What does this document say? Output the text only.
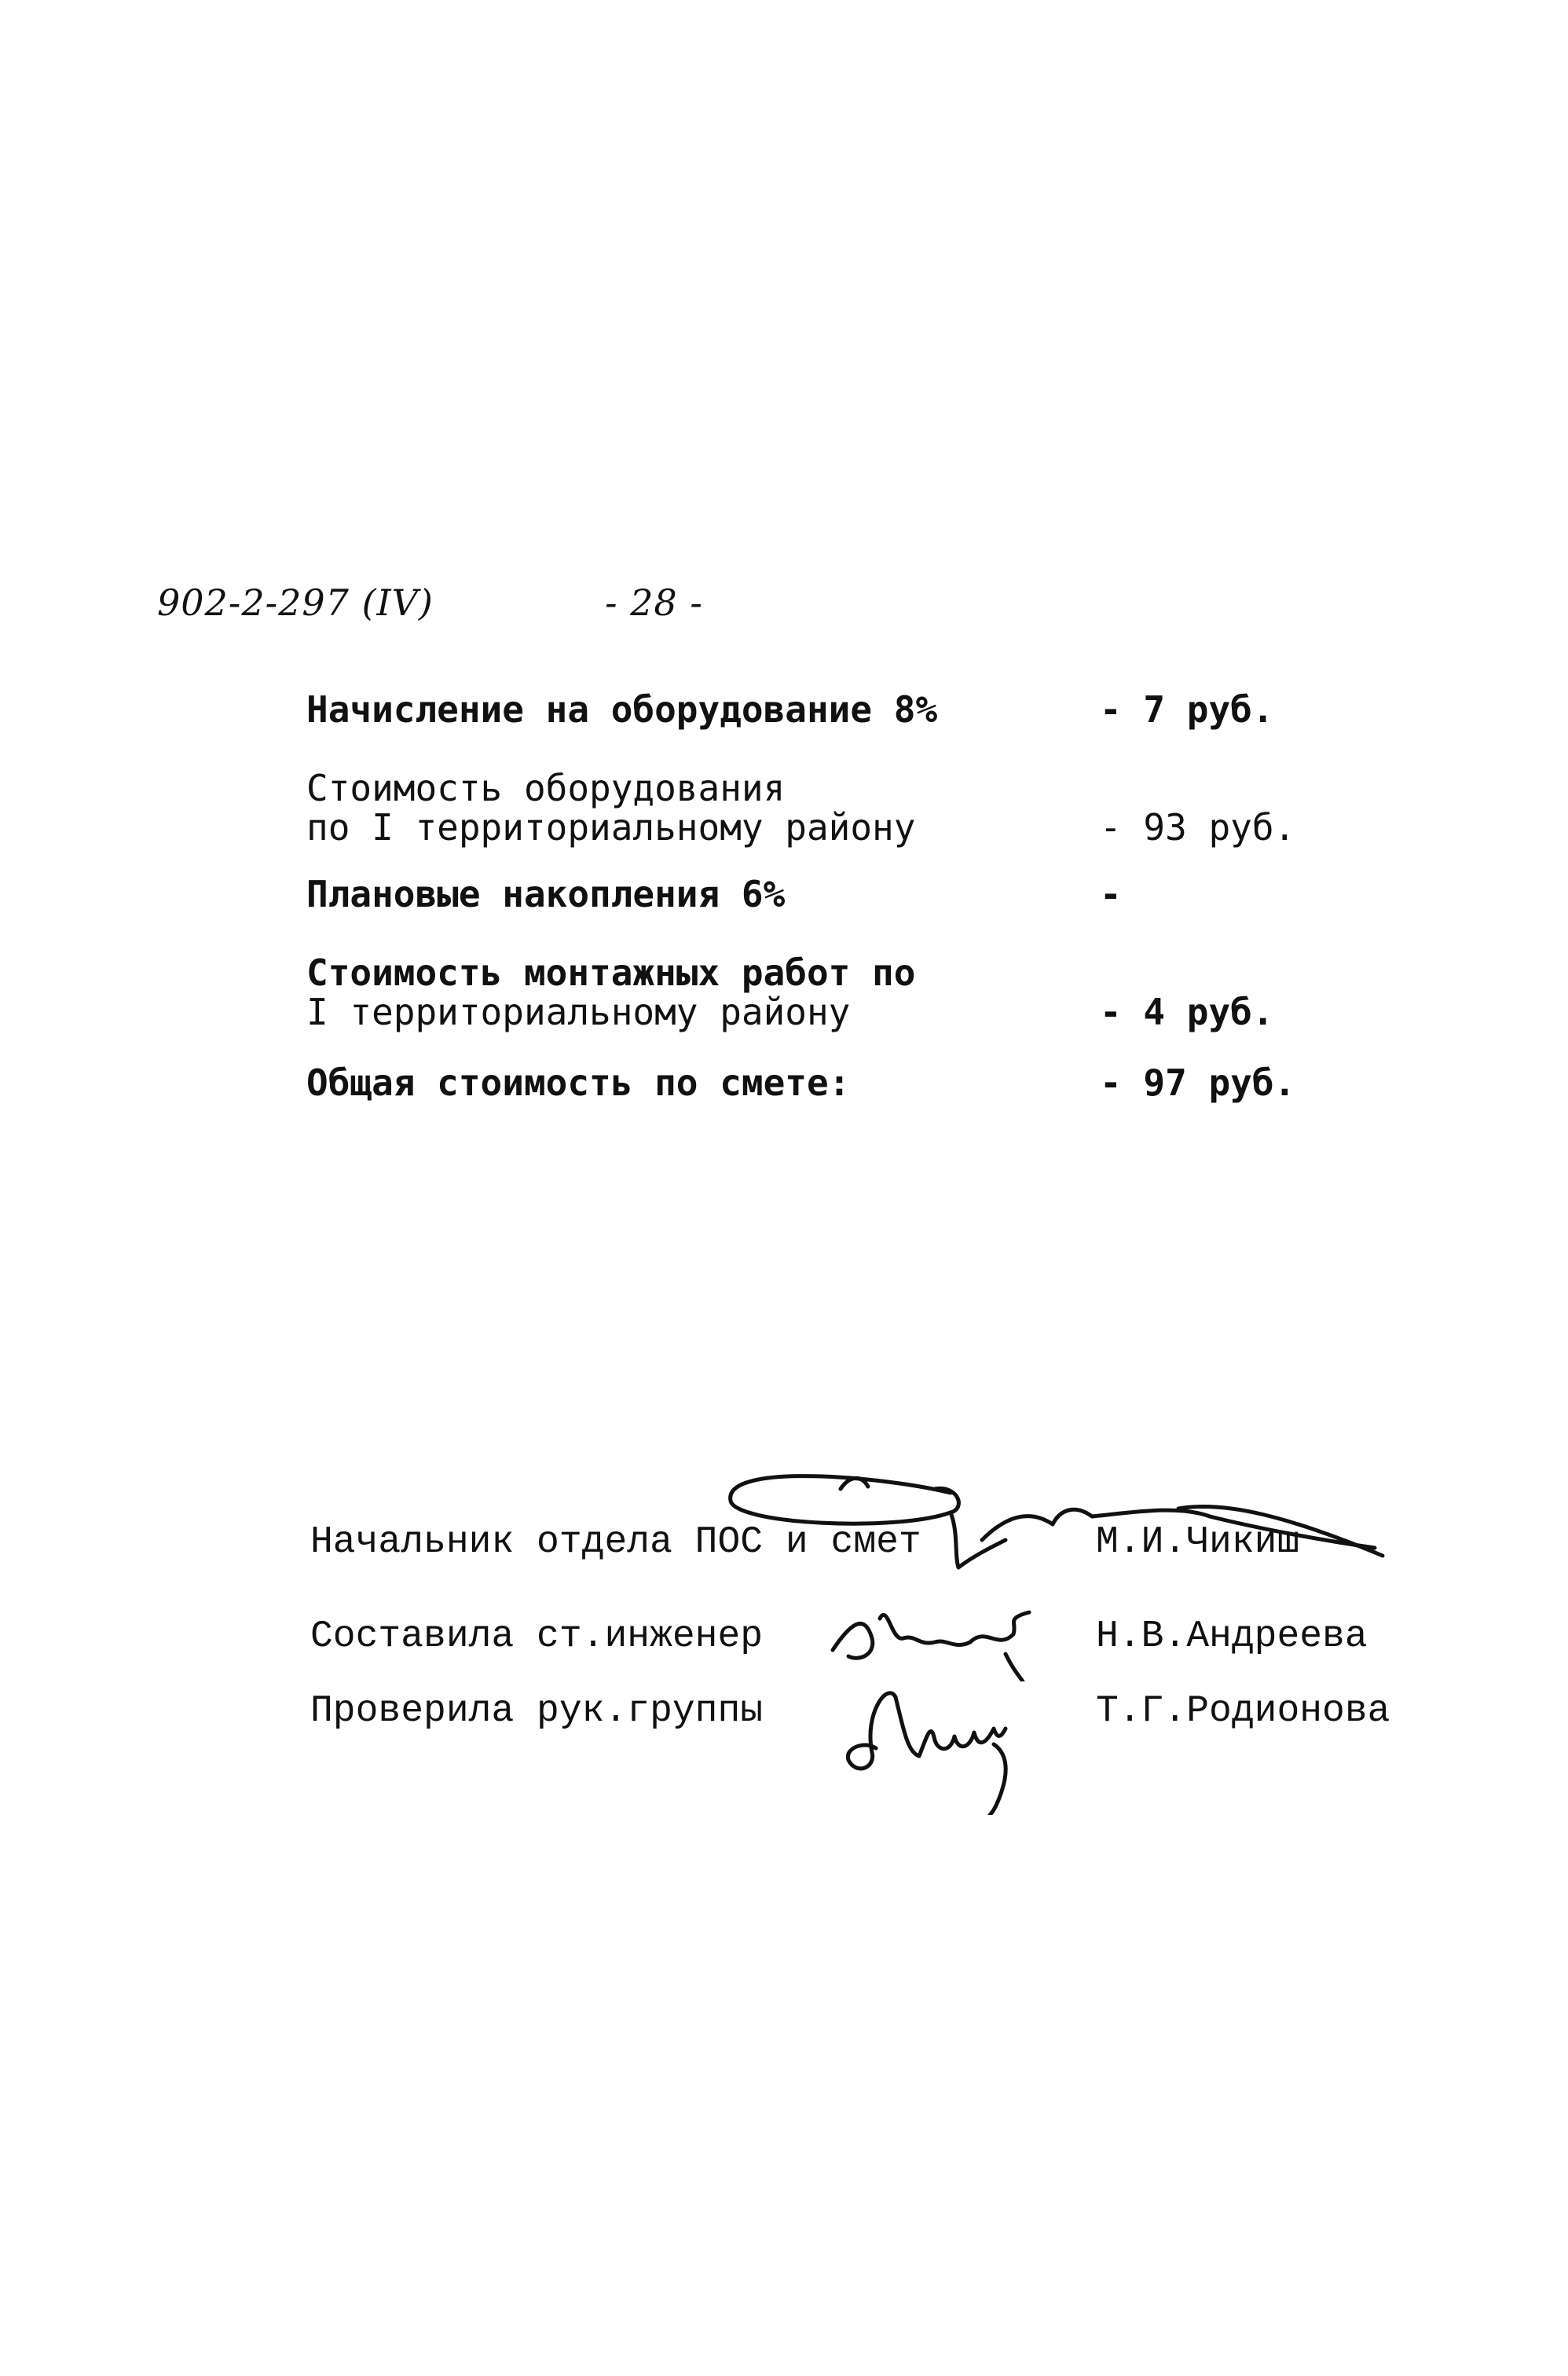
902-2-297 (IV)	- 28 -
Начисление на оборудование 8%	- 7 руб.
Стоимость оборудования
по I территориальному району	- 93 руб.
Плановые накопления 6%	-
Стоимость монтажных работ по
I территориальному району	- 4 руб.
Общая стоимость по смете:	- 97 руб.
Начальник отдела ПОС и смет	М.И.Чикиш
Составила ст.инженер	Н.В.Андреева
Проверила рук.группы	Т.Г.Родионова
